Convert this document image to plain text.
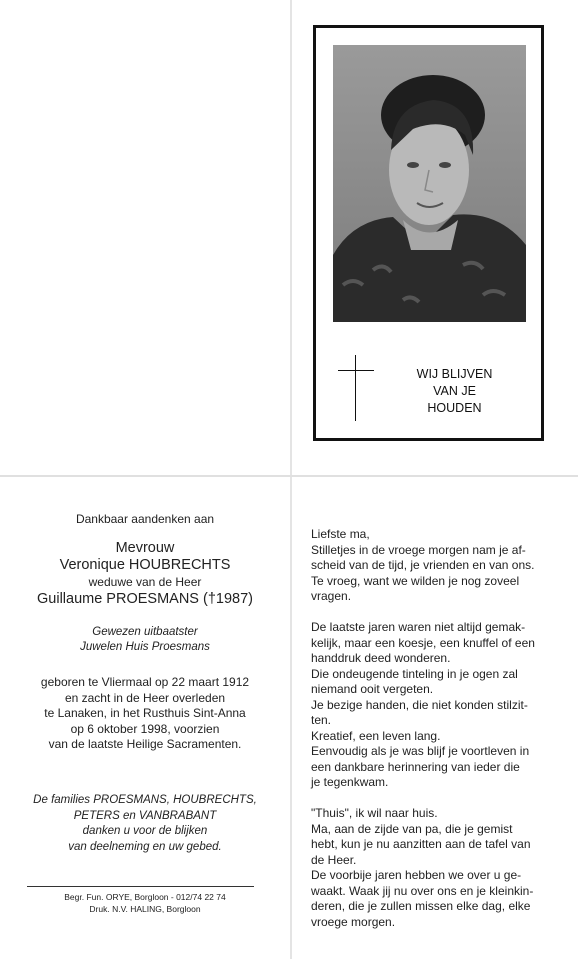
WIJ BLIJVEN
VAN JE
HOUDEN
Dankbaar aandenken aan
Mevrouw
Veronique HOUBRECHTS
weduwe van de Heer
Guillaume PROESMANS (†1987)
Gewezen uitbaatster
Juwelen Huis Proesmans
geboren te Vliermaal op 22 maart 1912
en zacht in de Heer overleden
te Lanaken, in het Rusthuis Sint-Anna
op 6 oktober 1998, voorzien
van de laatste Heilige Sacramenten.
De families PROESMANS, HOUBRECHTS,
PETERS en VANBRABANT
danken u voor de blijken
van deelneming en uw gebed.
Begr. Fun. ORYE, Borgloon - 012/74 22 74
Druk. N.V. HALING, Borgloon

Liefste ma,
Stilletjes in de vroege morgen nam je af-
scheid van de tijd, je vrienden en van ons.
Te vroeg, want we wilden je nog zoveel
vragen.

De laatste jaren waren niet altijd gemak-
kelijk, maar een koesje, een knuffel of een
handdruk deed wonderen.
Die ondeugende tinteling in je ogen zal
niemand ooit vergeten.
Je bezige handen, die niet konden stilzit-
ten.
Kreatief, een leven lang.
Eenvoudig als je was blijf je voortleven in
een dankbare herinnering van ieder die
je tegenkwam.

"Thuis", ik wil naar huis.
Ma, aan de zijde van pa, die je gemist
hebt, kun je nu aanzitten aan de tafel van
de Heer.
De voorbije jaren hebben we over u ge-
waakt. Waak jij nu over ons en je kleinkin-
deren, die je zullen missen elke dag, elke
vroege morgen.
